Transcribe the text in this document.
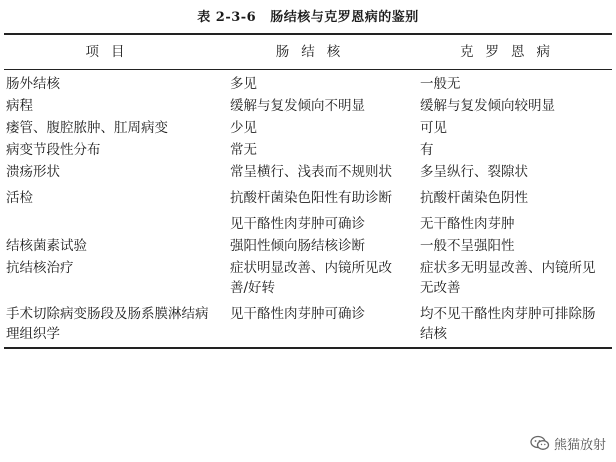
表 2-3-6 肠结核与克罗恩病的鉴别
项目	肠结核	克罗恩病
肠外结核	多见	一般无
病程	缓解与复发倾向不明显	缓解与复发倾向较明显
瘘管、腹腔脓肿、肛周病变	少见	可见
病变节段性分布	常无	有
溃疡形状	常呈横行、浅表而不规则状	多呈纵行、裂隙状
活检	抗酸杆菌染色阳性有助诊断	抗酸杆菌染色阴性
	见干酪性肉芽肿可确诊	无干酪性肉芽肿
结核菌素试验	强阳性倾向肠结核诊断	一般不呈强阳性
抗结核治疗	症状明显改善、内镜所见改善/好转	症状多无明显改善、内镜所见无改善
手术切除病变肠段及肠系膜淋结病理组织学	见干酪性肉芽肿可确诊	均不见干酪性肉芽肿可排除肠结核
熊猫放射
